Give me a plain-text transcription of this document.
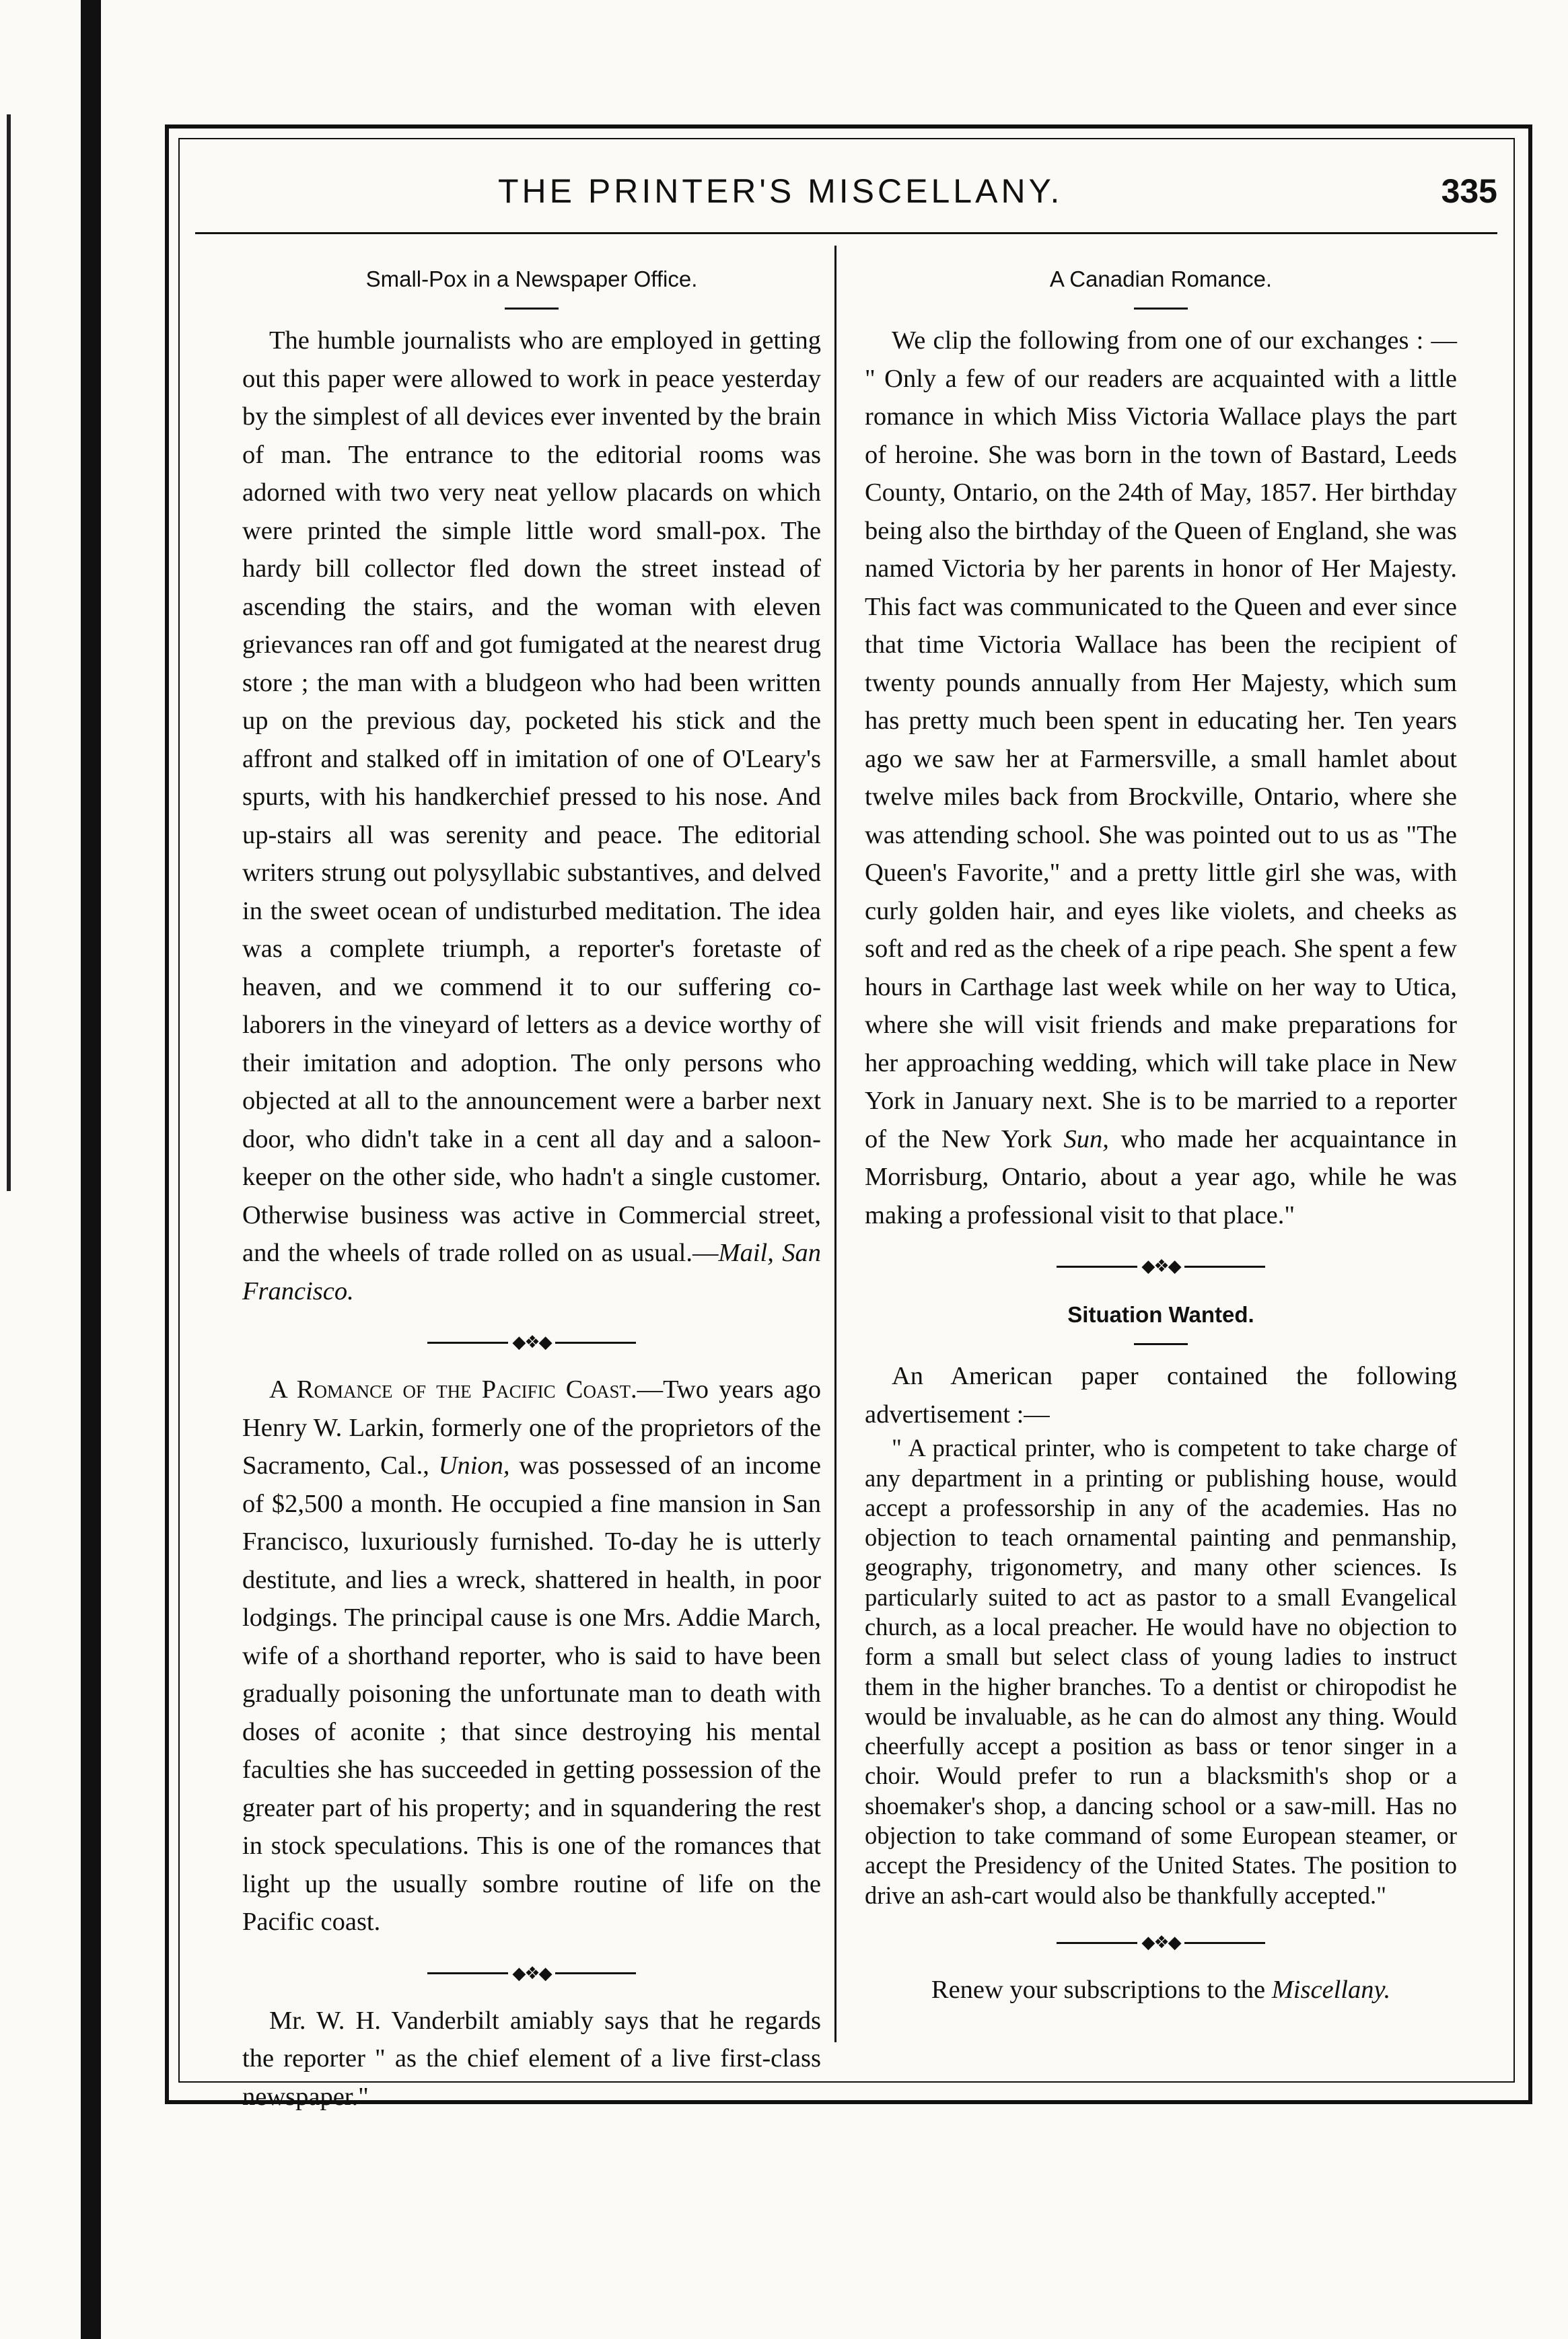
THE PRINTER'S MISCELLANY.	335
Small-Pox in a Newspaper Office.

The humble journalists who are employed in getting out this paper were allowed to work in peace yesterday by the simplest of all devices ever invented by the brain of man. The entrance to the editorial rooms was adorned with two very neat yellow placards on which were printed the simple little word small-pox. The hardy bill collector fled down the street instead of ascending the stairs, and the woman with eleven grievances ran off and got fumigated at the nearest drug store ; the man with a bludgeon who had been written up on the previous day, pocketed his stick and the affront and stalked off in imitation of one of O'Leary's spurts, with his handkerchief pressed to his nose. And up-stairs all was serenity and peace. The editorial writers strung out polysyllabic substantives, and delved in the sweet ocean of undisturbed meditation. The idea was a complete triumph, a reporter's foretaste of heaven, and we commend it to our suffering co-laborers in the vineyard of letters as a device worthy of their imitation and adoption. The only persons who objected at all to the announcement were a barber next door, who didn't take in a cent all day and a saloon-keeper on the other side, who hadn't a single customer. Otherwise business was active in Commercial street, and the wheels of trade rolled on as usual.—Mail, San Francisco.

◆❖◆

A Romance of the Pacific Coast.—Two years ago Henry W. Larkin, formerly one of the proprietors of the Sacramento, Cal., Union, was possessed of an income of $2,500 a month. He occupied a fine mansion in San Francisco, luxuriously furnished. To-day he is utterly destitute, and lies a wreck, shattered in health, in poor lodgings. The principal cause is one Mrs. Addie March, wife of a shorthand reporter, who is said to have been gradually poisoning the unfortunate man to death with doses of aconite ; that since destroying his mental faculties she has succeeded in getting possession of the greater part of his property; and in squandering the rest in stock speculations. This is one of the romances that light up the usually sombre routine of life on the Pacific coast.

◆❖◆

Mr. W. H. Vanderbilt amiably says that he regards the reporter " as the chief element of a live first-class newspaper."

A Canadian Romance.

We clip the following from one of our exchanges : — " Only a few of our readers are acquainted with a little romance in which Miss Victoria Wallace plays the part of heroine. She was born in the town of Bastard, Leeds County, Ontario, on the 24th of May, 1857. Her birthday being also the birthday of the Queen of England, she was named Victoria by her parents in honor of Her Majesty. This fact was communicated to the Queen and ever since that time Victoria Wallace has been the recipient of twenty pounds annually from Her Majesty, which sum has pretty much been spent in educating her. Ten years ago we saw her at Farmersville, a small hamlet about twelve miles back from Brockville, Ontario, where she was attending school. She was pointed out to us as "The Queen's Favorite," and a pretty little girl she was, with curly golden hair, and eyes like violets, and cheeks as soft and red as the cheek of a ripe peach. She spent a few hours in Carthage last week while on her way to Utica, where she will visit friends and make preparations for her approaching wedding, which will take place in New York in January next. She is to be married to a reporter of the New York Sun, who made her acquaintance in Morrisburg, Ontario, about a year ago, while he was making a professional visit to that place."

◆❖◆
Situation Wanted.

An American paper contained the following advertisement :—

" A practical printer, who is competent to take charge of any department in a printing or publishing house, would accept a professorship in any of the academies. Has no objection to teach ornamental painting and penmanship, geography, trigonometry, and many other sciences. Is particularly suited to act as pastor to a small Evangelical church, as a local preacher. He would have no objection to form a small but select class of young ladies to instruct them in the higher branches. To a dentist or chiropodist he would be invaluable, as he can do almost any thing. Would cheerfully accept a position as bass or tenor singer in a choir. Would prefer to run a blacksmith's shop or a shoemaker's shop, a dancing school or a saw-mill. Has no objection to take command of some European steamer, or accept the Presidency of the United States. The position to drive an ash-cart would also be thankfully accepted."

◆❖◆

Renew your subscriptions to the Miscellany.
